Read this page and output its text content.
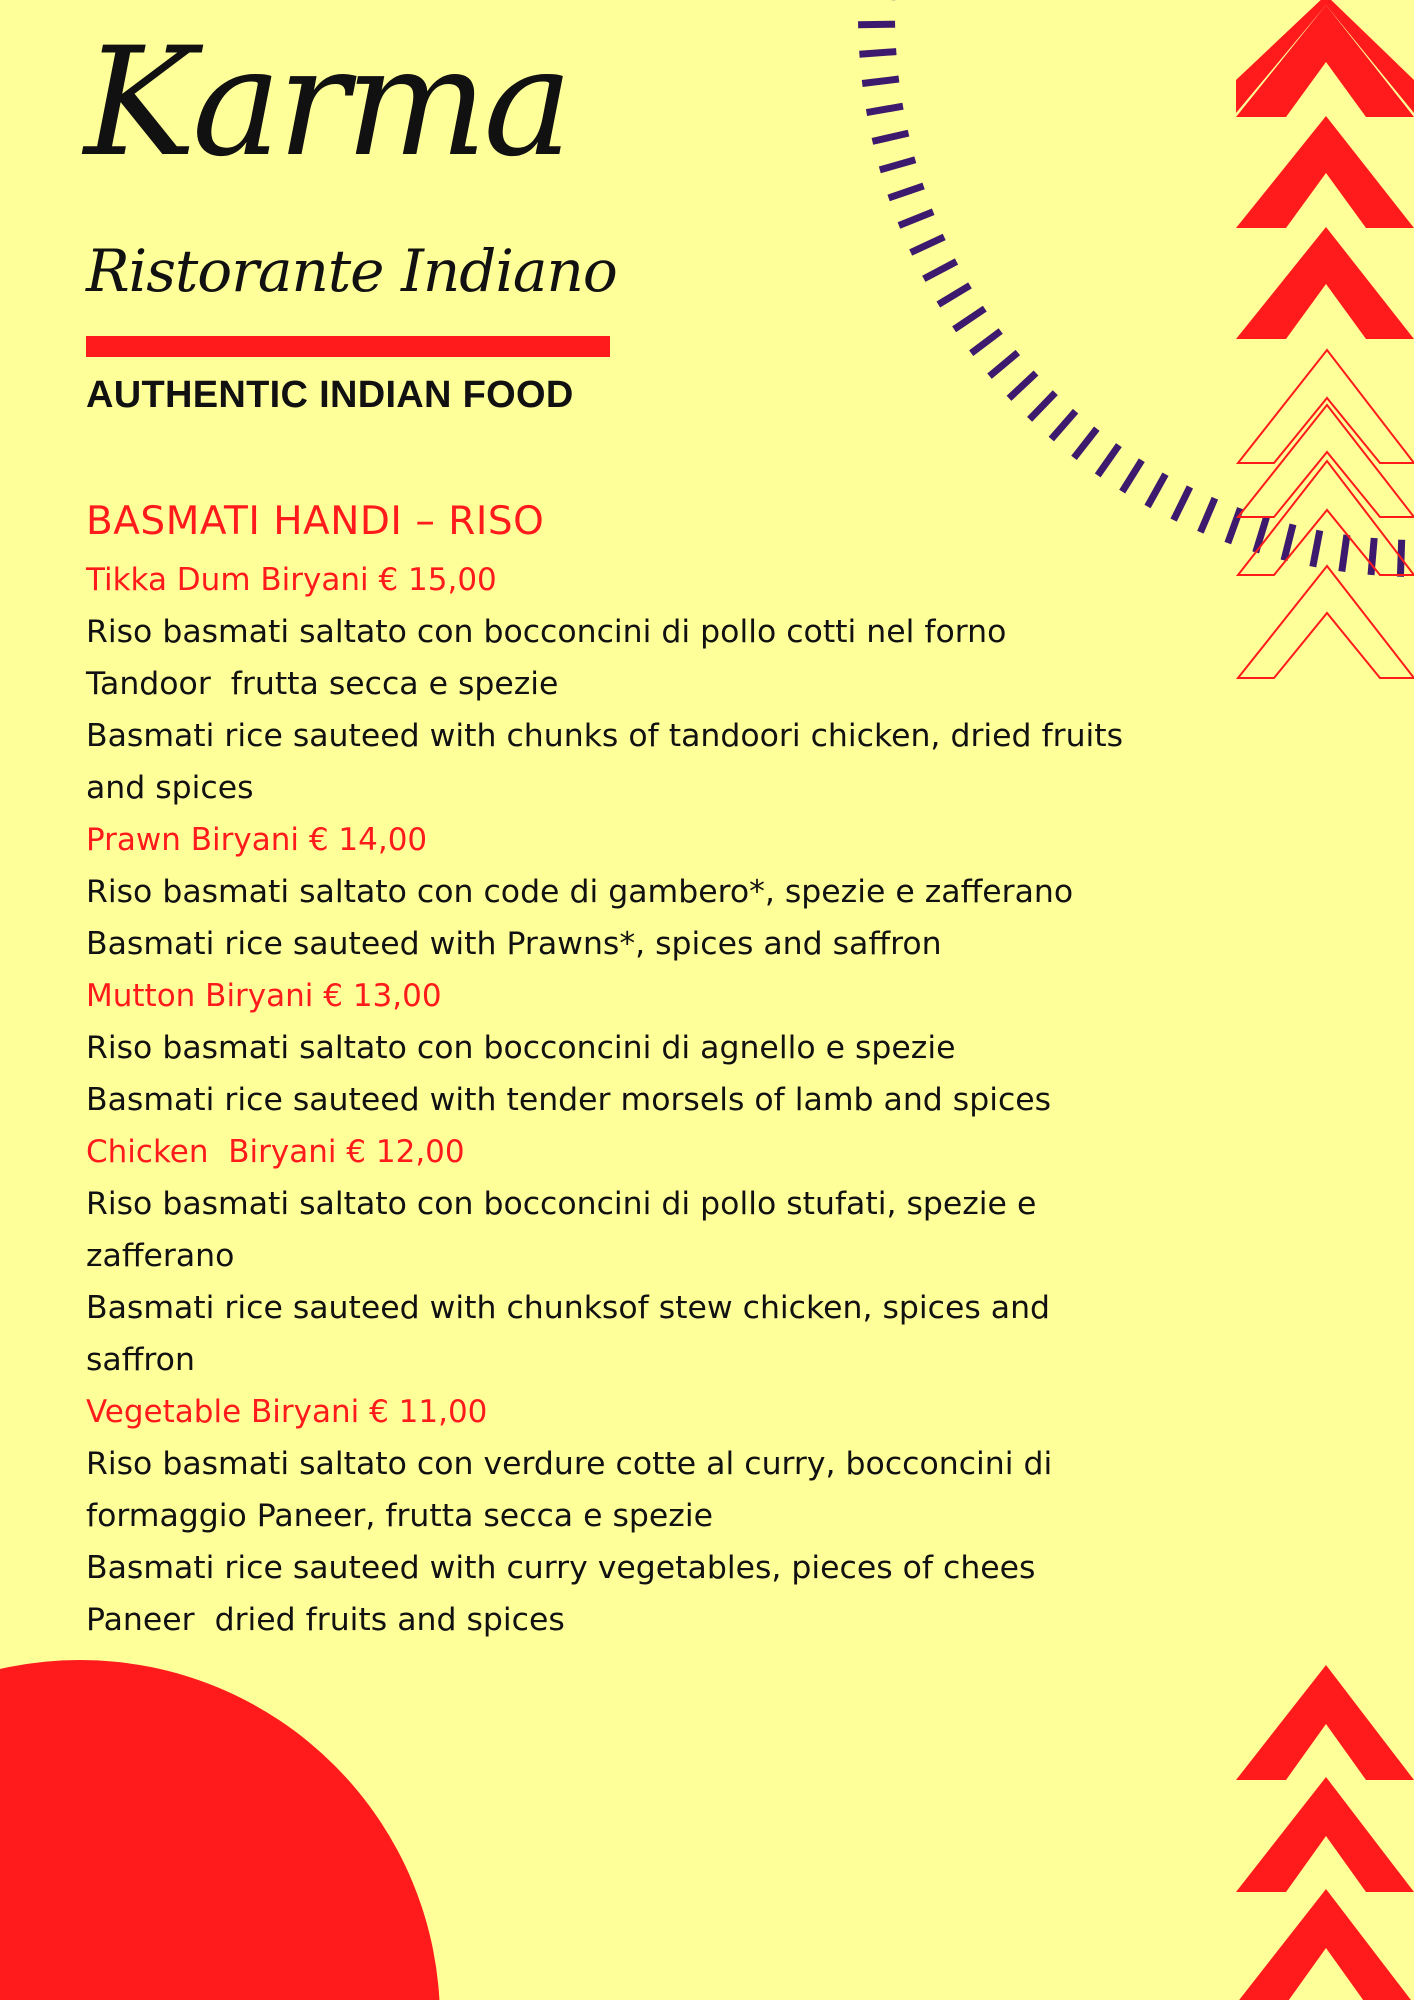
Karma
Ristorante Indiano

AUTHENTIC INDIAN FOOD

BASMATI HANDI – RISO

Tikka Dum Biryani € 15,00

Riso basmati saltato con bocconcini di pollo cotti nel forno
Tandoor  frutta secca e spezie

Basmati rice sauteed with chunks of tandoori chicken, dried fruits
and spices

Prawn Biryani € 14,00

Riso basmati saltato con code di gambero*, spezie e zafferano

Basmati rice sauteed with Prawns*, spices and saffron

Mutton Biryani € 13,00

Riso basmati saltato con bocconcini di agnello e spezie

Basmati rice sauteed with tender morsels of lamb and spices

Chicken  Biryani € 12,00

Riso basmati saltato con bocconcini di pollo stufati, spezie e
zafferano

Basmati rice sauteed with chunksof stew chicken, spices and
saffron

Vegetable Biryani € 11,00

Riso basmati saltato con verdure cotte al curry, bocconcini di
formaggio Paneer, frutta secca e spezie

Basmati rice sauteed with curry vegetables, pieces of chees
Paneer  dried fruits and spices
